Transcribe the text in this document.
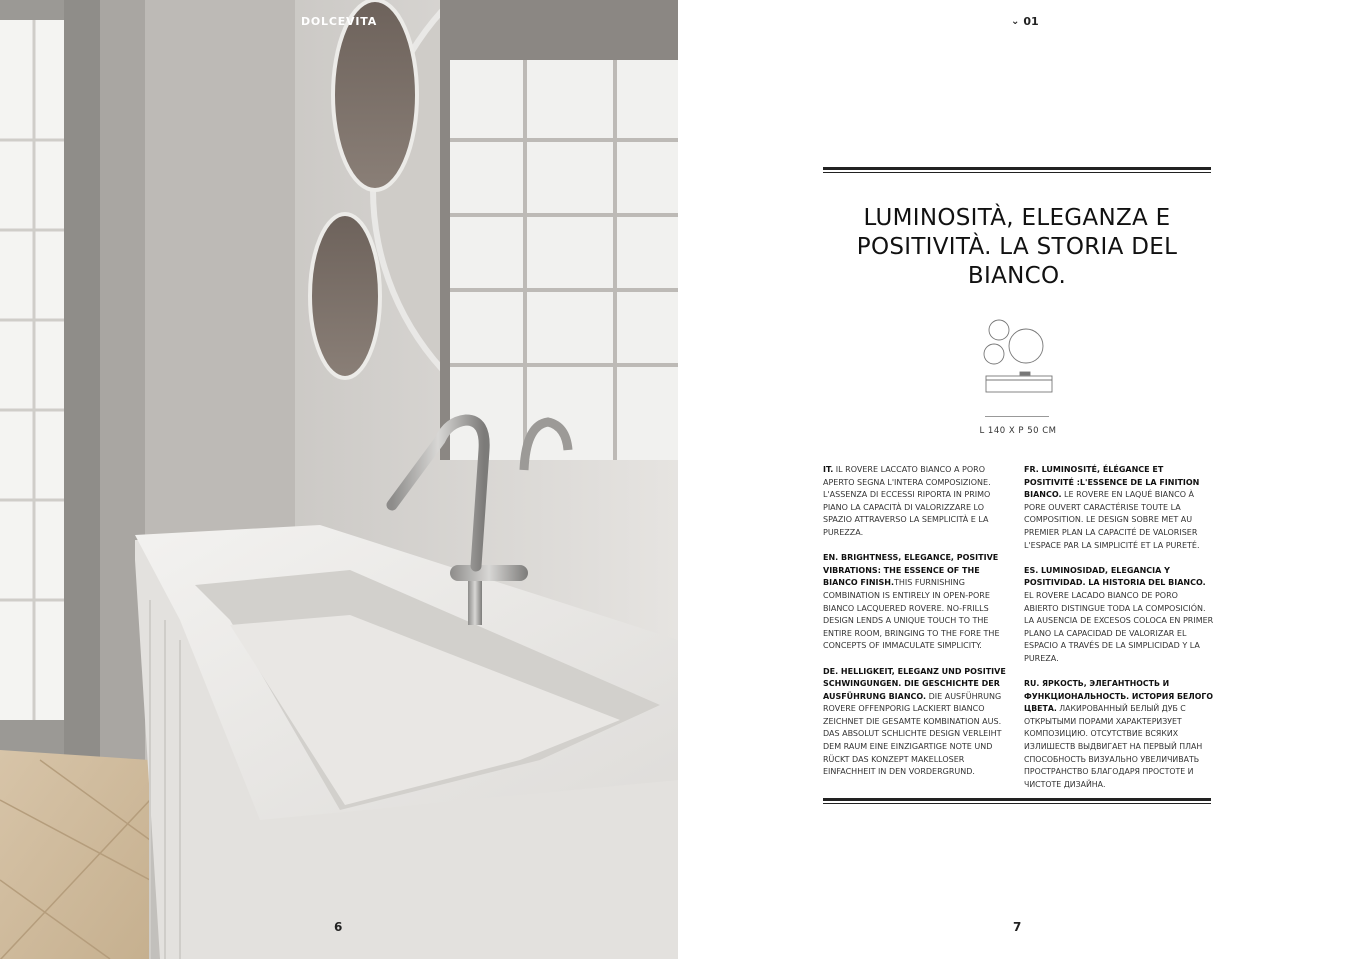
DOLCEVITA
6
⌄ 01
LUMINOSITÀ, ELEGANZA E POSITIVITÀ. LA STORIA DEL BIANCO.
L 140 X P 50 CM

IT. IL ROVERE LACCATO BIANCO A PORO APERTO SEGNA L'INTERA COMPOSIZIONE. L'ASSENZA DI ECCESSI RIPORTA IN PRIMO PIANO LA CAPACITÀ DI VALORIZZARE LO SPAZIO ATTRAVERSO LA SEMPLICITÀ E LA PUREZZA.

EN. BRIGHTNESS, ELEGANCE, POSITIVE VIBRATIONS: THE ESSENCE OF THE BIANCO FINISH.THIS FURNISHING COMBINATION IS ENTIRELY IN OPEN-PORE BIANCO LACQUERED ROVERE. NO-FRILLS DESIGN LENDS A UNIQUE TOUCH TO THE ENTIRE ROOM, BRINGING TO THE FORE THE CONCEPTS OF IMMACULATE SIMPLICITY.

DE. HELLIGKEIT, ELEGANZ UND POSITIVE SCHWINGUNGEN. DIE GESCHICHTE DER AUSFÜHRUNG BIANCO. DIE AUSFÜHRUNG ROVERE OFFENPORIG LACKIERT BIANCO ZEICHNET DIE GESAMTE KOMBINATION AUS. DAS ABSOLUT SCHLICHTE DESIGN VERLEIHT DEM RAUM EINE EINZIGARTIGE NOTE UND RÜCKT DAS KONZEPT MAKELLOSER EINFACHHEIT IN DEN VORDERGRUND.

FR. LUMINOSITÉ, ÉLÉGANCE ET POSITIVITÉ :L'ESSENCE DE LA FINITION BIANCO. LE ROVERE EN LAQUÉ BIANCO À PORE OUVERT CARACTÉRISE TOUTE LA COMPOSITION. LE DESIGN SOBRE MET AU PREMIER PLAN LA CAPACITÉ DE VALORISER L'ESPACE PAR LA SIMPLICITÉ ET LA PURETÉ.

ES. LUMINOSIDAD, ELEGANCIA Y POSITIVIDAD. LA HISTORIA DEL BIANCO. EL ROVERE LACADO BIANCO DE PORO ABIERTO DISTINGUE TODA LA COMPOSICIÓN. LA AUSENCIA DE EXCESOS COLOCA EN PRIMER PLANO LA CAPACIDAD DE VALORIZAR EL ESPACIO A TRAVÉS DE LA SIMPLICIDAD Y LA PUREZA.

RU. ЯРКОСТЬ, ЭЛЕГАНТНОСТЬ И ФУНКЦИОНАЛЬНОСТЬ. ИСТОРИЯ БЕЛОГО ЦВЕТА. ЛАКИРОВАННЫЙ БЕЛЫЙ ДУБ С ОТКРЫТЫМИ ПОРАМИ ХАРАКТЕРИЗУЕТ КОМПОЗИЦИЮ. ОТСУТСТВИЕ ВСЯКИХ ИЗЛИШЕСТВ ВЫДВИГАЕТ НА ПЕРВЫЙ ПЛАН СПОСОБНОСТЬ ВИЗУАЛЬНО УВЕЛИЧИВАТЬ ПРОСТРАНСТВО БЛАГОДАРЯ ПРОСТОТЕ И ЧИСТОТЕ ДИЗАЙНА.

7
